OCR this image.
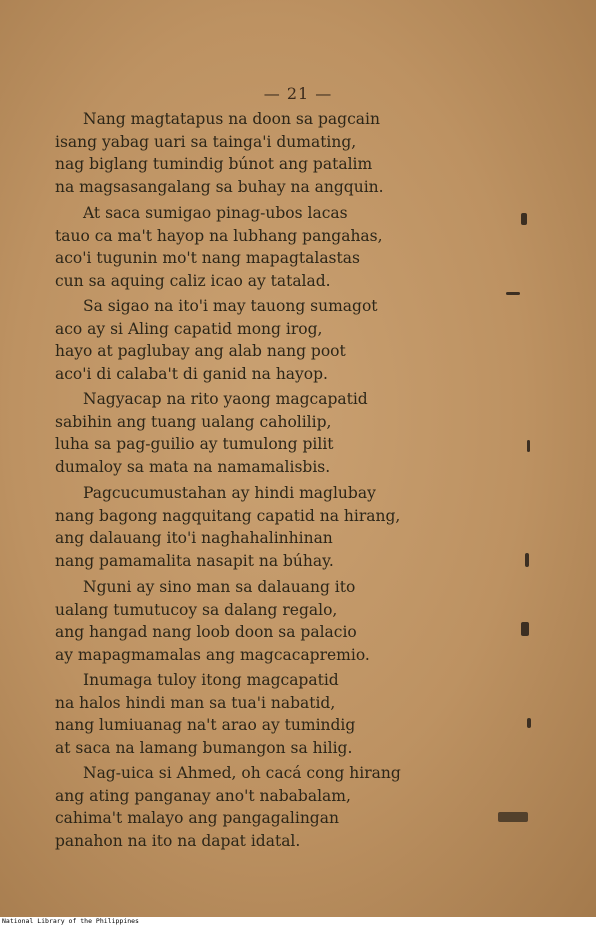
— 21 —
Nang magtatapus na doon sa pagcain
isang yabag uari sa tainga'i dumating,
nag biglang tumindig búnot ang patalim
na magsasangalang sa buhay na angquin.
At saca sumigao pinag-ubos lacas
tauo ca ma't hayop na lubhang pangahas,
aco'i tugunin mo't nang mapagtalastas
cun sa aquing caliz icao ay tatalad.
Sa sigao na ito'i may tauong sumagot
aco ay si Aling capatid mong irog,
hayo at paglubay ang alab nang poot
aco'i di calaba't di ganid na hayop.
Nagyacap na rito yaong magcapatid
sabihin ang tuang ualang caholilip,
luha sa pag-guilio ay tumulong pilit
dumaloy sa mata na namamalisbis.
Pagcucumustahan ay hindi maglubay
nang bagong nagquitang capatid na hirang,
ang dalauang ito'i naghahalinhinan
nang pamamalita nasapit na búhay.
Nguni ay sino man sa dalauang ito
ualang tumutucoy sa dalang regalo,
ang hangad nang loob doon sa palacio
ay mapagmamalas ang magcacapremio.
Inumaga tuloy itong magcapatid
na halos hindi man sa tua'i nabatid,
nang lumiuanag na't arao ay tumindig
at saca na lamang bumangon sa hilig.
Nag-uica si Ahmed, oh cacá cong hirang
ang ating panganay ano't nababalam,
cahima't malayo ang pangagalingan
panahon na ito na dapat idatal.
National Library of the Philippines
